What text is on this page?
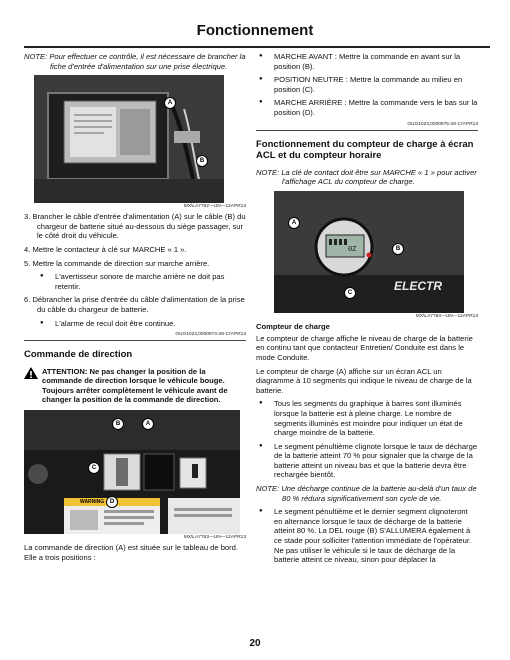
Fonctionnement

NOTE: Pour effectuer ce contrôle, il est nécessaire de brancher la fiche d'entrée d'alimentation sur une prise électrique.

A
B
MX\LA7762—UN—12APR13

3. Brancher le câble d'entrée d'alimentation (A) sur le câble (B) du chargeur de batterie situé au-dessous du siège passager, sur le côté droit du véhicule.

4. Mettre le contacteur à clé sur MARCHE « 1 ».

5. Mettre la commande de direction sur marche arrière.

● L'avertisseur sonore de marche arrière ne doit pas retentir.

6. Débrancher la prise d'entrée du câble d'alimentation de la prise du câble du chargeur de batterie.

● L'alarme de recul doit être continue.

OUO1023,0000974-28-17APR13
Commande de direction
ATTENTION: Ne pas changer la position de la commande de direction lorsque le véhicule bouge. Toujours arrêter complètement le véhicule avant de changer la position de la commande de direction.
B	A
C
D
WARNING
MX\LA7763—UN—12APR13

La commande de direction (A) est située sur le tableau de bord. Elle a trois positions :

● MARCHE AVANT : Mettre la commande en avant sur la position (B).

● POSITION NEUTRE : Mettre la commande au milieu en position (C).

● MARCHE ARRIÈRE : Mettre la commande vers le bas sur la position (D).

OUO1023,0000975-28-17APR13
Fonctionnement du compteur de charge à écran ACL et du compteur horaire

NOTE: La clé de contact doit être sur MARCHE « 1 » pour activer l'affichage ACL du compteur de charge.

0Z
ELECTR
A
B
C
MX\LA7764—UN—12APR13
Compteur de charge

Le compteur de charge affiche le niveau de charge de la batterie en continu tant que contacteur Entretien/ Conduite est dans le mode Conduite.

Le compteur de charge (A) affiche sur un écran ACL un diagramme à 10 segments qui indique le niveau de charge de la batterie.

● Tous les segments du graphique à barres sont illuminés lorsque la batterie est à pleine charge. Le nombre de segments illuminés est moindre pour indiquer un état de charge moindre de la batterie.

● Le segment pénultième clignote lorsque le taux de décharge de la batterie atteint 70 % pour signaler que la charge de la batterie atteint un niveau bas et que la batterie devra être rechargée bientôt.

NOTE: Une décharge continue de la batterie au-delà d'un taux de 80 % réduira significativement son cycle de vie.

● Le segment pénultième et le dernier segment clignoteront en alternance lorsque le taux de décharge de la batterie atteint 80 %. La DEL rouge (B) S'ALLUMERA également à ce stade pour solliciter l'attention immédiate de l'opérateur. Ne pas utiliser le véhicule si le taux de décharge de la batterie atteint ce niveau, sinon pour déplacer la

20
